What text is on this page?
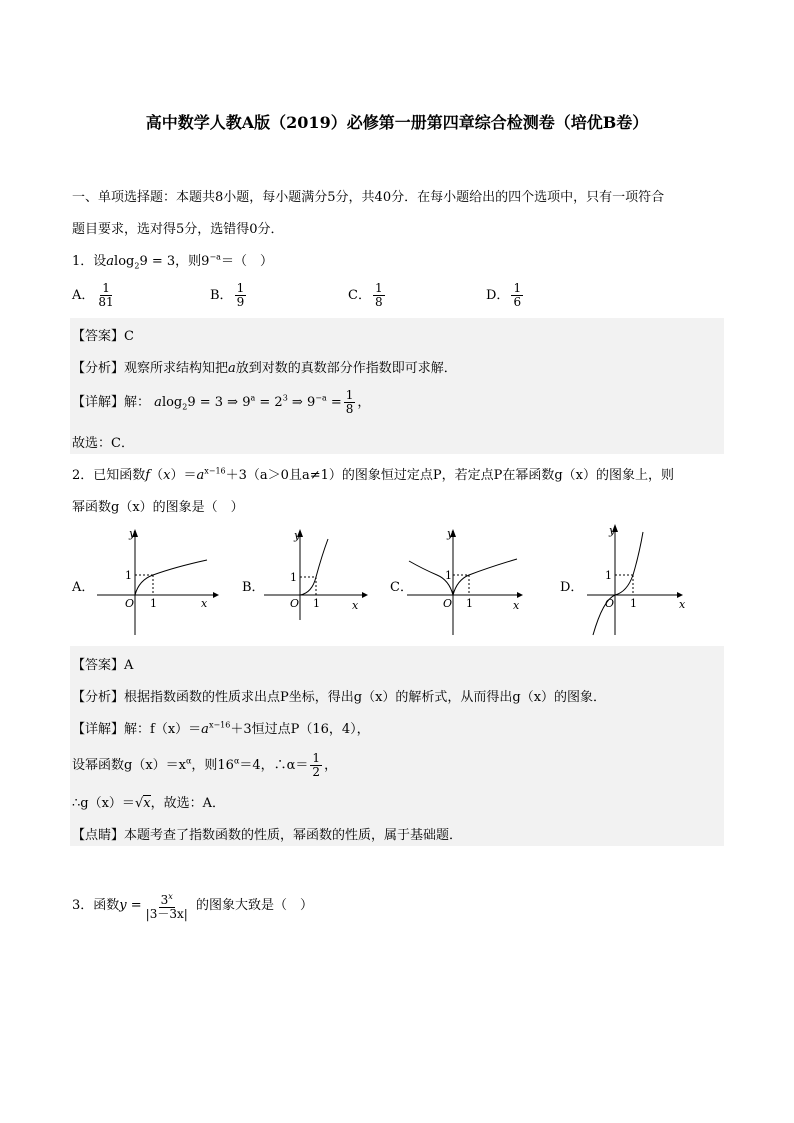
高中数学人教A版（2019）必修第一册第四章综合检测卷（培优B卷）
一、单项选择题：本题共8小题，每小题满分5分，共40分．在每小题给出的四个选项中，只有一项符合
题目要求，选对得5分，选错得0分．
1．设alog$_2$9 = 3，则$9^{-a}=$（　）
A． $\frac{1}{81}$	B． $\frac{1}{9}$	C． $\frac{1}{8}$	D． $\frac{1}{6}$
【答案】C
【分析】观察所求结构知把a放到对数的真数部分作指数即可求解．
【详解】解： alog$_2$9 = 3 ⇒ $9^a = 2^3$ ⇒ $9^{-a} = \frac{1}{8}$ ，
故选：C．
2．已知函数$f(x)=a^{x-16}+3(a>0$且a≠1）的图象恒过定点P，若定点P在幂函数g（x）的图象上，则
幂函数g（x）的图象是（　）
A．	B．	C．	D．
y
x
O
1
1
y
x
O
1
1
y
x
O
1
1
y
x
O
1
1
【答案】A
【分析】根据指数函数的性质求出点P坐标，得出g（x）的解析式，从而得出g（x）的图象．
【详解】解：$f(x)=a^{x-16}+3$恒过点P（16，4），
设幂函数$g(x)=x^\alpha$，则$16^\alpha=4$，∴α＝ $\frac{1}{2}$ ，
∴g（x）＝√x，故选：A．
【点睛】本题考查了指数函数的性质，幂函数的性质，属于基础题．
3．函数$y = \frac{3^x}{|3-3x|}$ 的图象大致是（　）
